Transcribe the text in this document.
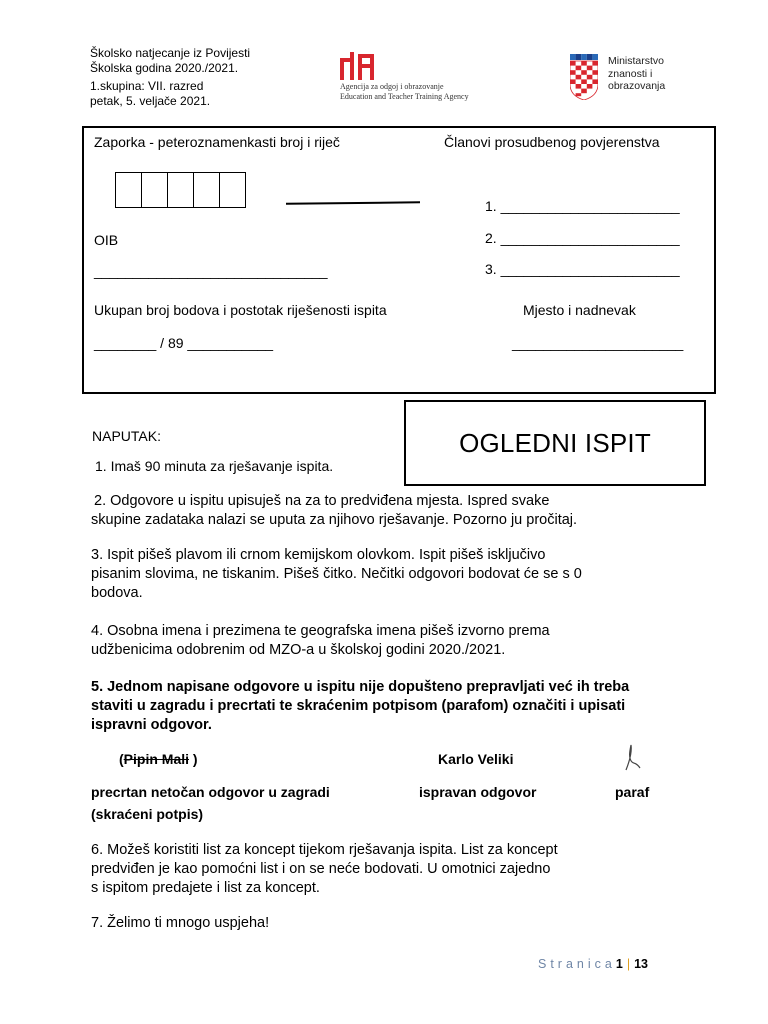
Školsko natjecanje iz Povijesti
Školska godina 2020./2021.
1.skupina: VII. razred
petak, 5. veljače 2021.
Agencija za odgoj i obrazovanje
Education and Teacher Training Agency
Ministarstvo
znanosti i
obrazovanja
Zaporka - peteroznamenkasti broj i riječ	Članovi prosudbenog povjerenstva
1. _______________________
2. _______________________
3. _______________________
OIB
______________________________
Ukupan broj bodova i postotak riješenosti ispita	Mjesto i nadnevak
________ / 89 ___________	______________________
OGLEDNI ISPIT
NAPUTAK:
1. Imaš 90 minuta za rješavanje ispita.
2. Odgovore u ispitu upisuješ na za to predviđena mjesta. Ispred svake
skupine zadataka nalazi se uputa za njihovo rješavanje. Pozorno ju pročitaj.
3. Ispit pišeš plavom ili crnom kemijskom olovkom. Ispit pišeš isključivo
pisanim slovima, ne tiskanim. Pišeš čitko. Nečitki odgovori bodovat će se s 0
bodova.
4. Osobna imena i prezimena te geografska imena pišeš izvorno prema
udžbenicima odobrenim od MZO-a u školskoj godini 2020./2021.
5. Jednom napisane odgovore u ispitu nije dopušteno prepravljati već ih treba
staviti u zagradu i precrtati te skraćenim potpisom (parafom) označiti i upisati
ispravni odgovor.
(Pipin Mali )	Karlo Veliki
precrtan netočan odgovor u zagradi	ispravan odgovor	paraf
(skraćeni potpis)
6. Možeš koristiti list za koncept tijekom rješavanja ispita. List za koncept
predviđen je kao pomoćni list i on se neće bodovati. U omotnici zajedno
s ispitom predajete i list za koncept.
7. Želimo ti mnogo uspjeha!
Stranica1 | 13
